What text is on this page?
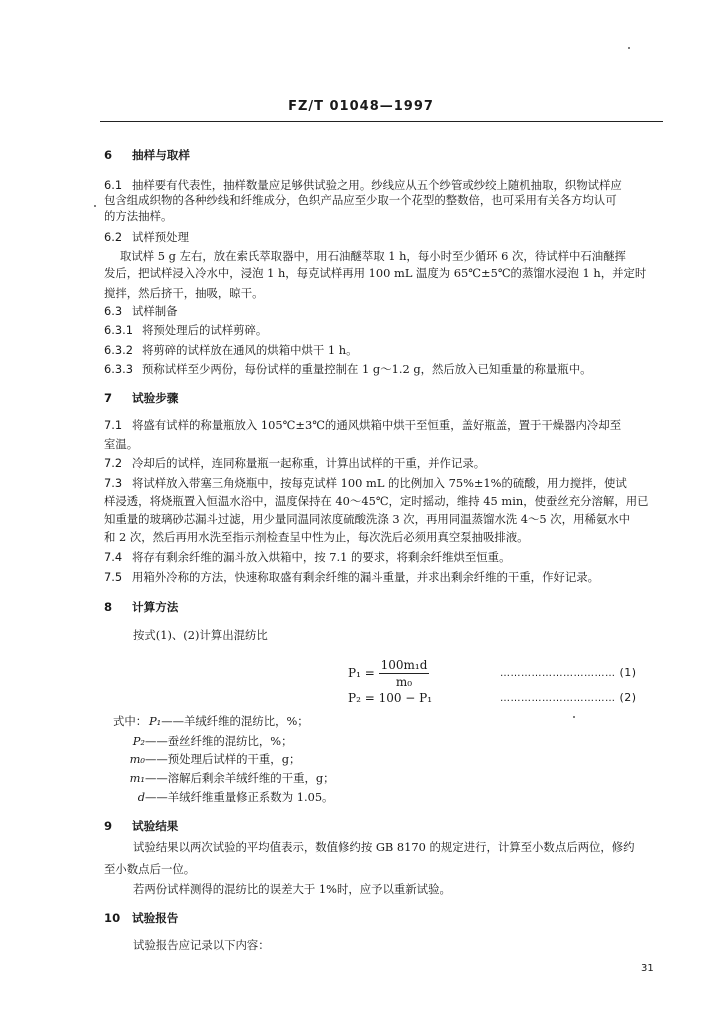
FZ/T 01048—1997
6 抽样与取样
6.1 抽样要有代表性，抽样数量应足够供试验之用。纱线应从五个纱管或纱绞上随机抽取，织物试样应
包含组成织物的各种纱线和纤维成分，色织产品应至少取一个花型的整数倍，也可采用有关各方均认可
的方法抽样。
6.2 试样预处理
取试样 5 g 左右，放在索氏萃取器中，用石油醚萃取 1 h，每小时至少循环 6 次，待试样中石油醚挥
发后，把试样浸入冷水中，浸泡 1 h，每克试样再用 100 mL 温度为 65℃±5℃的蒸馏水浸泡 1 h，并定时
搅拌，然后挤干，抽吸，晾干。
6.3 试样制备
6.3.1 将预处理后的试样剪碎。
6.3.2 将剪碎的试样放在通风的烘箱中烘干 1 h。
6.3.3 预称试样至少两份，每份试样的重量控制在 1 g～1.2 g，然后放入已知重量的称量瓶中。
7 试验步骤
7.1 将盛有试样的称量瓶放入 105℃±3℃的通风烘箱中烘干至恒重，盖好瓶盖，置于干燥器内冷却至
室温。
7.2 冷却后的试样，连同称量瓶一起称重，计算出试样的干重，并作记录。
7.3 将试样放入带塞三角烧瓶中，按每克试样 100 mL 的比例加入 75%±1%的硫酸，用力搅拌，使试
样浸透，将烧瓶置入恒温水浴中，温度保持在 40～45℃，定时摇动，维持 45 min，使蚕丝充分溶解，用已
知重量的玻璃砂芯漏斗过滤，用少量同温同浓度硫酸洗涤 3 次，再用同温蒸馏水洗 4～5 次，用稀氨水中
和 2 次，然后再用水洗至指示剂检查呈中性为止，每次洗后必须用真空泵抽吸排液。
7.4 将存有剩余纤维的漏斗放入烘箱中，按 7.1 的要求，将剩余纤维烘至恒重。
7.5 用箱外冷称的方法，快速称取盛有剩余纤维的漏斗重量，并求出剩余纤维的干重，作好记录。
8 计算方法
按式(1)、(2)计算出混纺比
$P_1 = \frac{\text{100m₁d}}{\text{m₀}}$	…………………………… (1)
P₂ = 100 − P₁	…………………………… (2)
式中： P₁——羊绒纤维的混纺比，%；
P₂——蚕丝纤维的混纺比，%；
m₀——预处理后试样的干重，g；
m₁——溶解后剩余羊绒纤维的干重，g；
d——羊绒纤维重量修正系数为 1.05。
9 试验结果
试验结果以两次试验的平均值表示，数值修约按 GB 8170 的规定进行，计算至小数点后两位，修约
至小数点后一位。
若两份试样测得的混纺比的误差大于 1%时，应予以重新试验。
10 试验报告
试验报告应记录以下内容：
31
